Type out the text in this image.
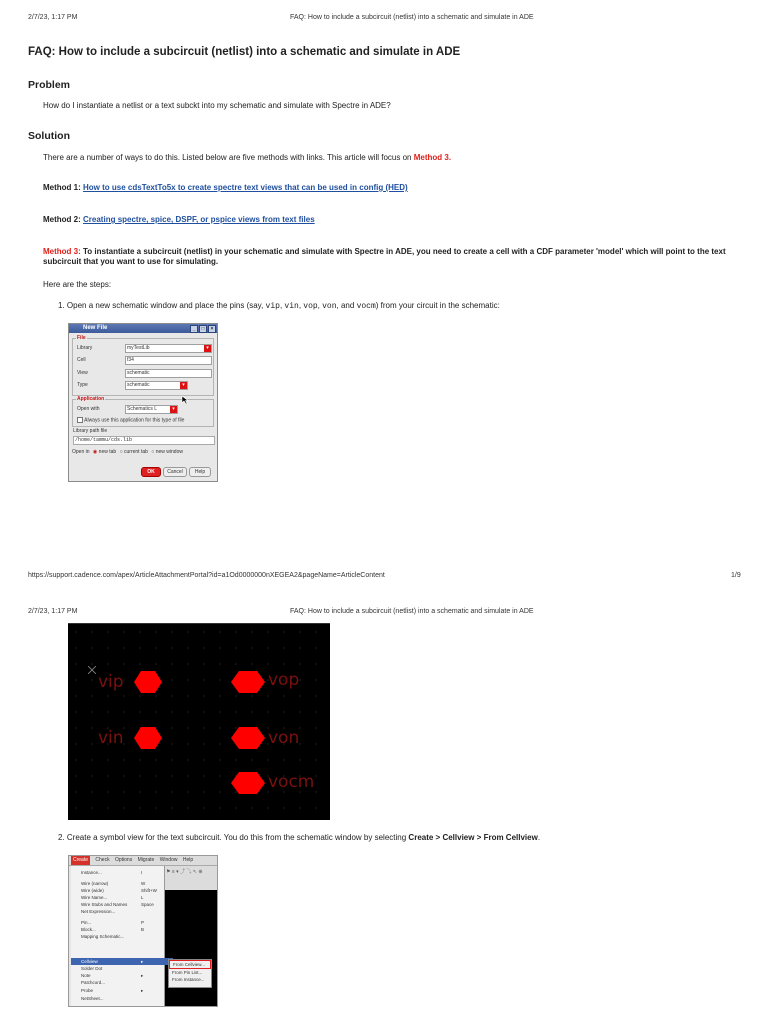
2/7/23, 1:17 PM	FAQ: How to include a subcircuit (netlist) into a schematic and simulate in ADE
FAQ: How to include a subcircuit (netlist) into a schematic and simulate in ADE
Problem
How do I instantiate a netlist or a text subckt into my schematic and simulate with Spectre in ADE?
Solution
There are a number of ways to do this. Listed below are five methods with links. This article will focus on Method 3.
Method 1: How to use cdsTextTo5x to create spectre text views that can be used in config (HED)
Method 2: Creating spectre, spice, DSPF, or pspice views from text files
Method 3: To instantiate a subcircuit (netlist) in your schematic and simulate with Spectre in ADE, you need to create a cell with a CDF parameter 'model' which will point to the text subcircuit that you want to use for simulating.
Here are the steps:
1. Open a new schematic window and place the pins (say, vip, vin, vop, von, and vocm) from your circuit in the schematic:
New File	_	□	×
File
Library	myTestLib	▾
Cell	f34
View	schematic
Type	schematic	▾
Application
Open with	Schematics L	▾
Always use this application for this type of file
Library path file
/home/tammu/cds.lib
Open in ◉ new tab ○ current tab ○ new window
OK	Cancel	Help
https://support.cadence.com/apex/ArticleAttachmentPortal?id=a1Od0000000nXEGEA2&pageName=ArticleContent	1/9
2/7/23, 1:17 PM	FAQ: How to include a subcircuit (netlist) into a schematic and simulate in ADE
vip
vin
vop
von
vocm
2. Create a symbol view for the text subcircuit. You do this from the schematic window by selecting Create > Cellview > From Cellview.
Create Check Options Migrate Window Help
⚑ ≡ ▾ ⤴ ⤵ ↖ ⊕
Instance...	I
Wire (narrow)	W
Wire (wide)	Shift+W
Wire Name...	L
Wire Stubs and Names	Space
Net Expression...
Pin...	P
Block...	B
Mapping Schematic...
Cellview	▸
Solder Dot
Note	▸
Patchcord...
Probe	▸
NetSheet...
From Cellview...
From Pin List...
From Instance...
